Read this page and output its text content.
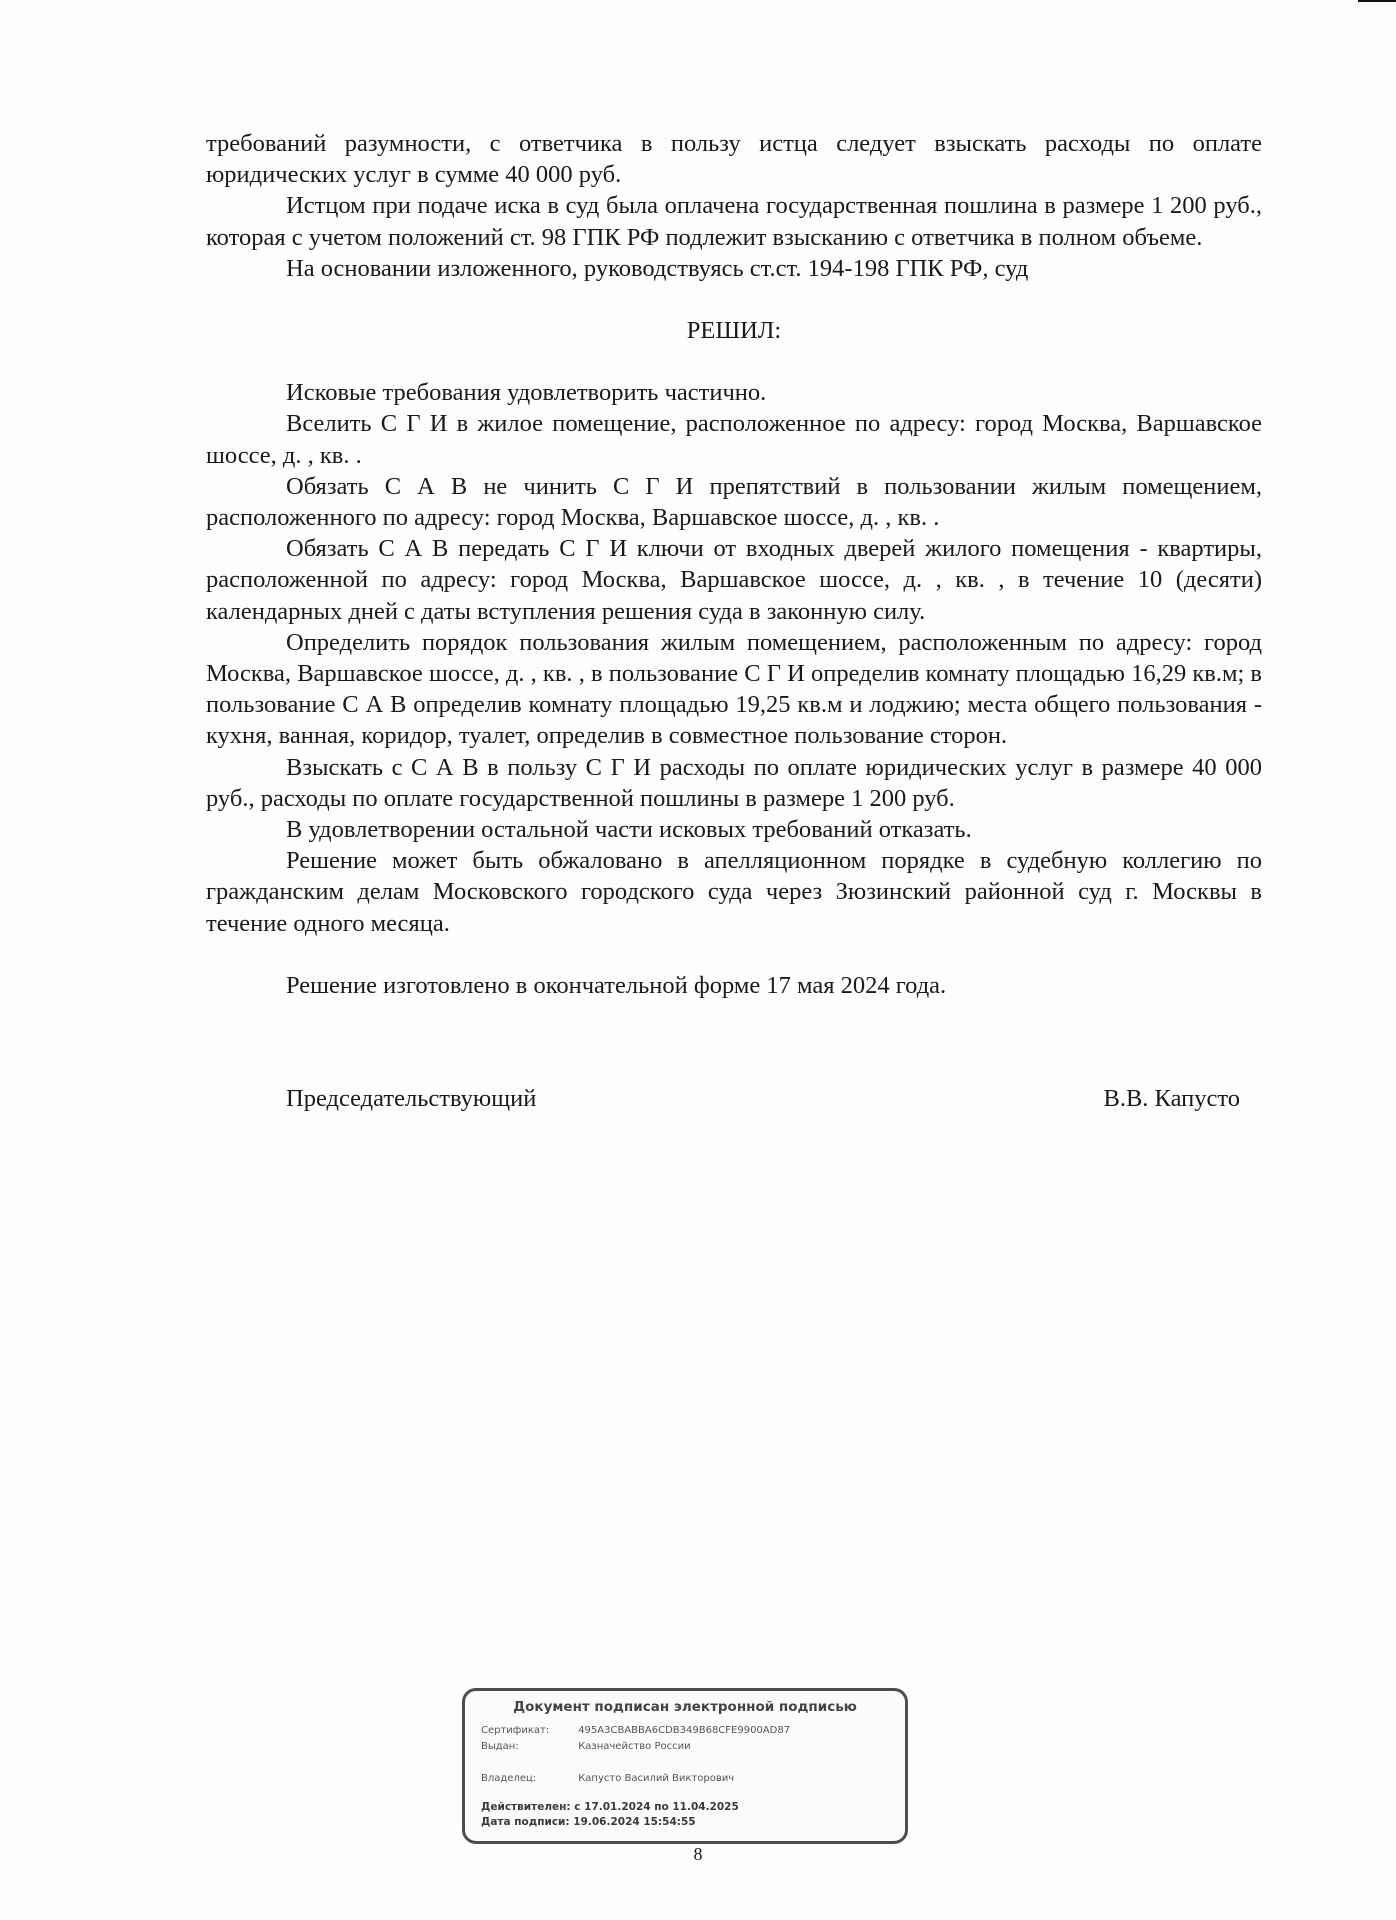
требований разумности, с ответчика в пользу истца следует взыскать расходы по оплате юридических услуг в сумме 40 000 руб.

Истцом при подаче иска в суд была оплачена государственная пошлина в размере 1 200 руб., которая с учетом положений ст. 98 ГПК РФ подлежит взысканию с ответчика в полном объеме.

На основании изложенного, руководствуясь ст.ст. 194-198 ГПК РФ, суд

РЕШИЛ:

Исковые требования удовлетворить частично.

Вселить С Г И в жилое помещение, расположенное по адресу: город Москва, Варшавское шоссе, д. , кв. .

Обязать С А В не чинить С Г И препятствий в пользовании жилым помещением, расположенного по адресу: город Москва, Варшавское шоссе, д. , кв. .

Обязать С А В передать С Г И ключи от входных дверей жилого помещения - квартиры, расположенной по адресу: город Москва, Варшавское шоссе, д. , кв. , в течение 10 (десяти) календарных дней с даты вступления решения суда в законную силу.

Определить порядок пользования жилым помещением, расположенным по адресу: город Москва, Варшавское шоссе, д. , кв. , в пользование С Г И определив комнату площадью 16,29 кв.м; в пользование С А В определив комнату площадью 19,25 кв.м и лоджию; места общего пользования - кухня, ванная, коридор, туалет, определив в совместное пользование сторон.

Взыскать с С А В в пользу С Г И расходы по оплате юридических услуг в размере 40 000 руб., расходы по оплате государственной пошлины в размере 1 200 руб.

В удовлетворении остальной части исковых требований отказать.

Решение может быть обжаловано в апелляционном порядке в судебную коллегию по гражданским делам Московского городского суда через Зюзинский районной суд г. Москвы в течение одного месяца.

Решение изготовлено в окончательной форме 17 мая 2024 года.

Председательствующий	В.В. Капусто
Документ подписан электронной подписью
Сертификат:	495A3CBABBA6CDB349B68CFE9900AD87
Выдан:	Казначейство России
Владелец:	Капусто Василий Викторович
Действителен: с 17.01.2024 по 11.04.2025
Дата подписи: 19.06.2024 15:54:55
8
